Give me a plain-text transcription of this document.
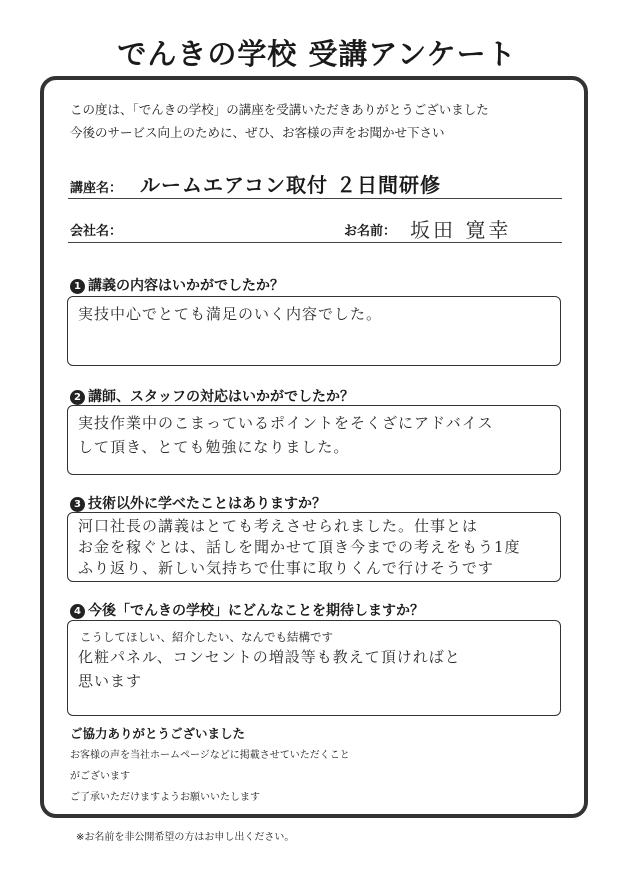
でんきの学校 受講アンケート
この度は、「でんきの学校」の講座を受講いただきありがとうございました
今後のサービス向上のために、ぜひ、お客様の声をお聞かせ下さい
講座名： ルームエアコン取付 ２日間研修
会社名：	お名前： 坂田 寛幸
1 講義の内容はいかがでしたか？
実技中心でとても満足のいく内容でした。
2 講師、スタッフの対応はいかがでしたか？
実技作業中のこまっているポイントをそくざにアドバイス
して頂き、とても勉強になりました。
3 技術以外に学べたことはありますか？
河口社長の講義はとても考えさせられました。仕事とは
お金を稼ぐとは、話しを聞かせて頂き今までの考えをもう1度
ふり返り、新しい気持ちで仕事に取りくんで行けそうです
4 今後「でんきの学校」にどんなことを期待しますか？
こうしてほしい、紹介したい、なんでも結構です
化粧パネル、コンセントの増設等も教えて頂ければと
思います
ご協力ありがとうございました
お客様の声を当社ホームページなどに掲載させていただくこと
がございます
ご了承いただけますようお願いいたします
※お名前を非公開希望の方はお申し出ください。
